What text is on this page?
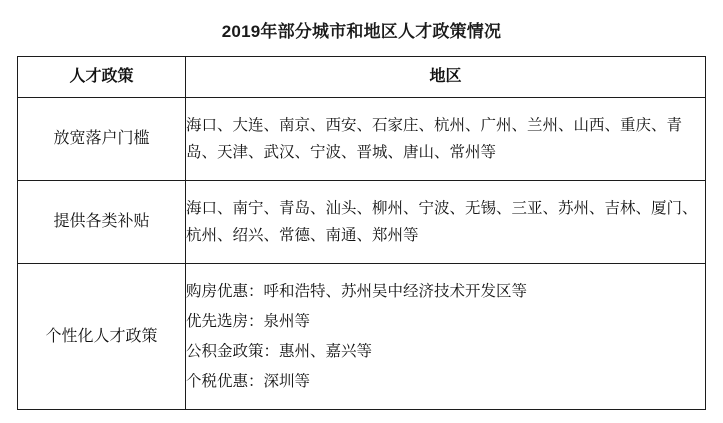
2019年部分城市和地区人才政策情况
人才政策	地区
放宽落户门槛	海口、大连、南京、西安、石家庄、杭州、广州、兰州、山西、重庆、青岛、天津、武汉、宁波、晋城、唐山、常州等

提供各类补贴	海口、南宁、青岛、汕头、柳州、宁波、无锡、三亚、苏州、吉林、厦门、杭州、绍兴、常德、南通、郑州等

个性化人才政策	购房优惠：呼和浩特、苏州吴中经济技术开发区等
优先选房：泉州等
公积金政策：惠州、嘉兴等
个税优惠：深圳等
